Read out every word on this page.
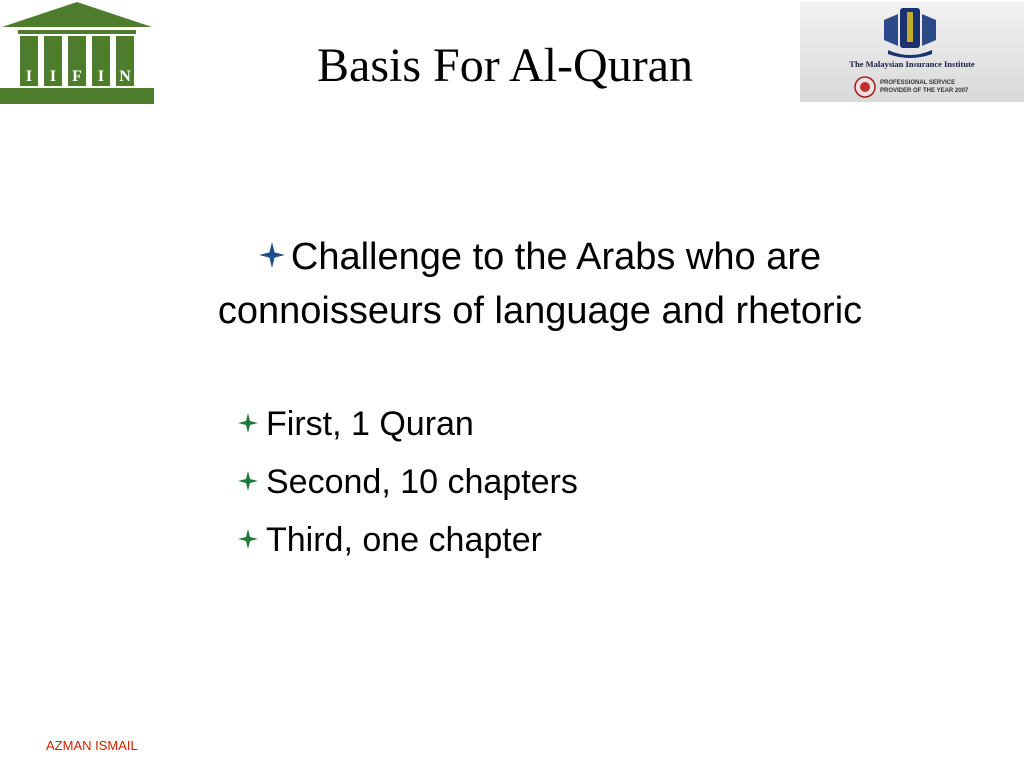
I I F I N	Basis For Al-Quran	The Malaysian Insurance Institute
PROFESSIONAL SERVICE
PROVIDER OF THE YEAR 2007
Challenge to the Arabs who are connoisseurs of language and rhetoric
First, 1 Quran
Second, 10 chapters
Third, one chapter
AZMAN ISMAIL
